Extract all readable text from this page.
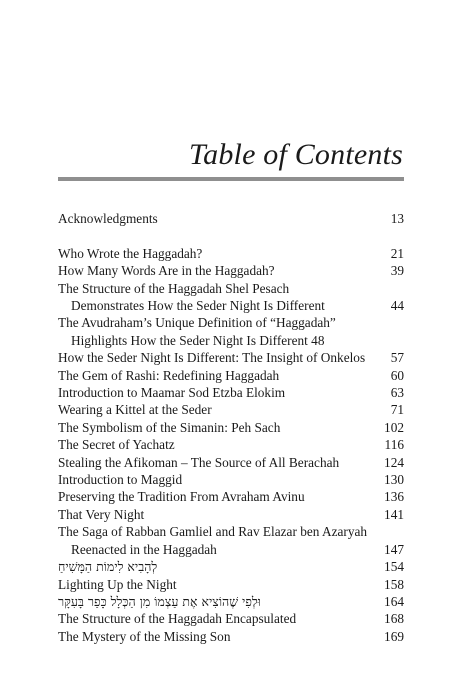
Table of Contents
Acknowledgments	13
Who Wrote the Haggadah?	21
How Many Words Are in the Haggadah?	39
The Structure of the Haggadah Shel Pesach
Demonstrates How the Seder Night Is Different	44
The Avudraham’s Unique Definition of “Haggadah”
Highlights How the Seder Night Is Different 48
How the Seder Night Is Different: The Insight of Onkelos	57
The Gem of Rashi: Redefining Haggadah	60
Introduction to Maamar Sod Etzba Elokim	63
Wearing a Kittel at the Seder	71
The Symbolism of the Simanin: Peh Sach	102
The Secret of Yachatz	116
Stealing the Afikoman – The Source of All Berachah	124
Introduction to Maggid	130
Preserving the Tradition From Avraham Avinu	136
That Very Night	141
The Saga of Rabban Gamliel and Rav Elazar ben Azaryah
Reenacted in the Haggadah	147
לְהָבִיא לִימוֹת הַמָּשִׁיחַ	154
Lighting Up the Night	158
וּלְפִי שֶׁהוֹצִיא אֶת עַצְמוֹ מִן הַכְּלָל כָּפַר בָּעִקָּר	164
The Structure of the Haggadah Encapsulated	168
The Mystery of the Missing Son	169
